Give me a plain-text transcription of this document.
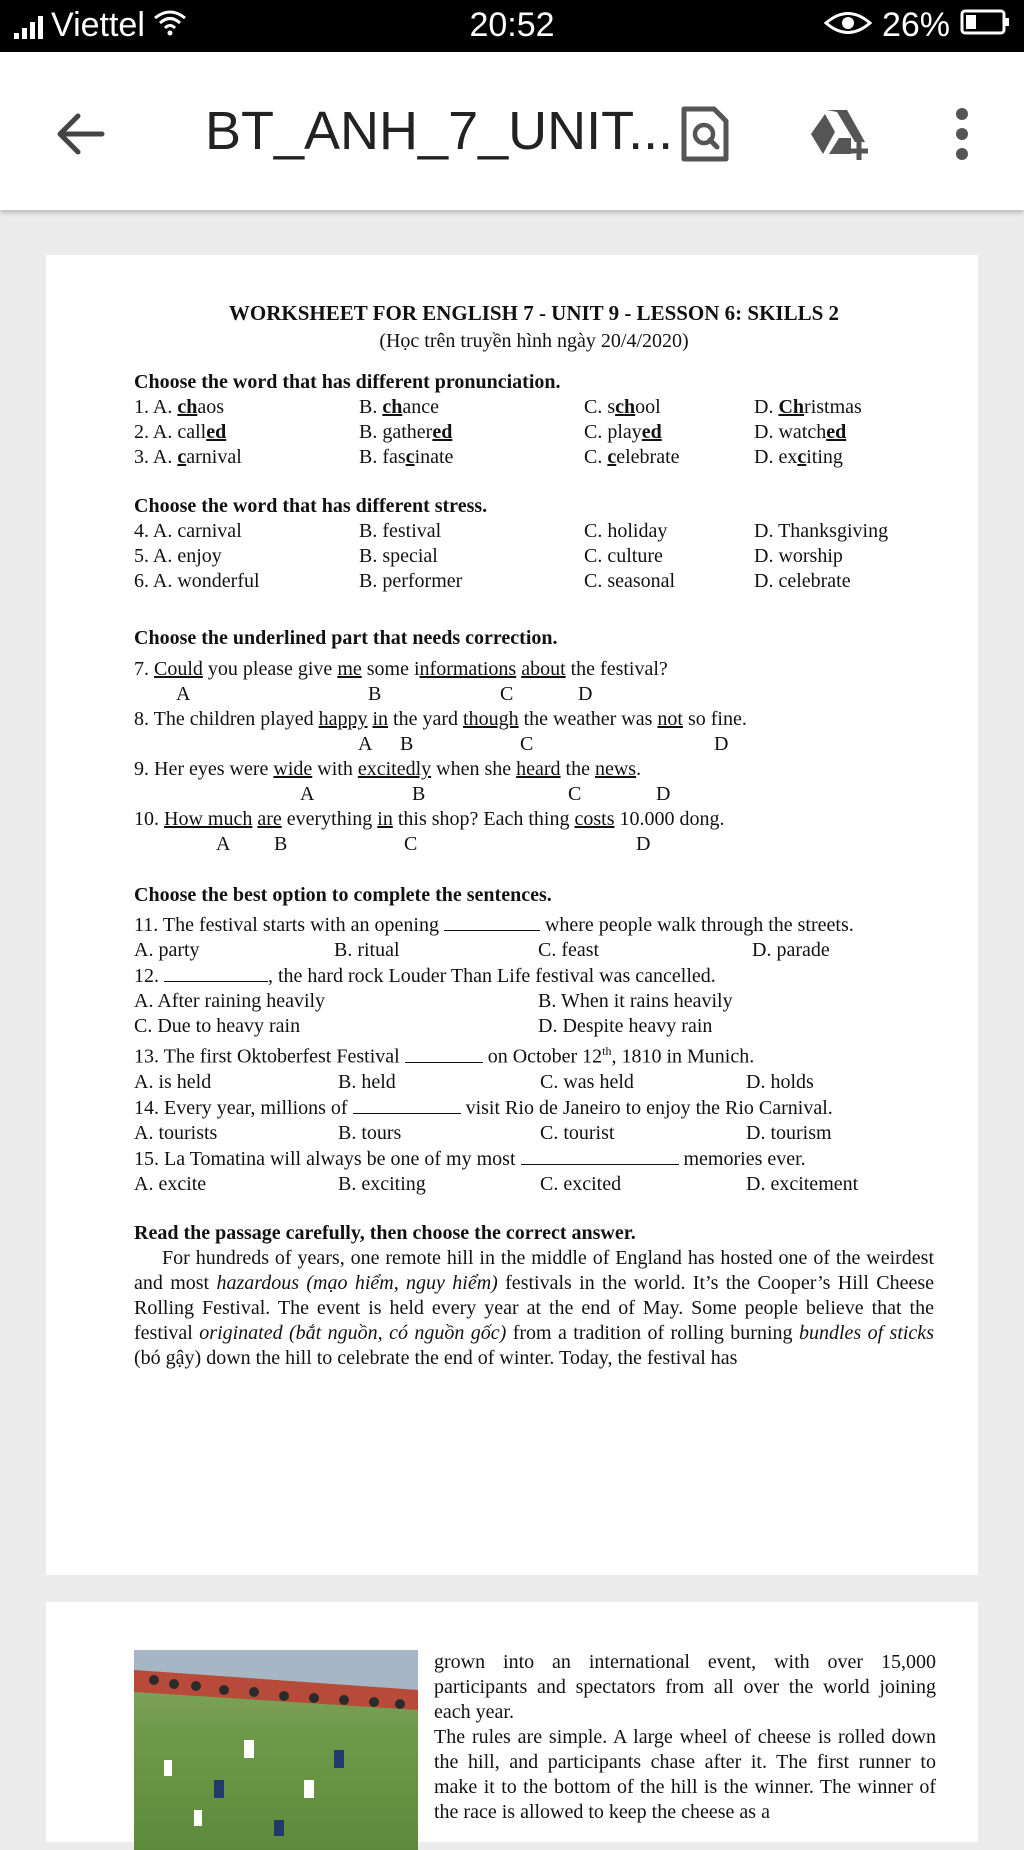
Viettel	20:52	26%
BT_ANH_7_UNIT...
WORKSHEET FOR ENGLISH 7 - UNIT 9 - LESSON 6: SKILLS 2
(Học trên truyền hình ngày 20/4/2020)
Choose the word that has different pronunciation.
1. A. chaos	B. chance	C. school	D. Christmas
2. A. called	B. gathered	C. played	D. watched
3. A. carnival	B. fascinate	C. celebrate	D. exciting
Choose the word that has different stress.
4. A. carnival	B. festival	C. holiday	D. Thanksgiving
5. A. enjoy	B. special	C. culture	D. worship
6. A. wonderful	B. performer	C. seasonal	D. celebrate
Choose the underlined part that needs correction.
7. Could you please give me some informations about the festival?
A	B	C	D
8. The children played happy in the yard though the weather was not so fine.
A B	C	D
9. Her eyes were wide with excitedly when she heard the news.
A	B	C	D
10. How much are everything in this shop? Each thing costs 10.000 dong.
A B	C	D
Choose the best option to complete the sentences.
11. The festival starts with an opening	where people walk through the streets.
A. party	B. ritual	C. feast	D. parade
12.	, the hard rock Louder Than Life festival was cancelled.
A. After raining heavily	B. When it rains heavily
C. Due to heavy rain	D. Despite heavy rain
13. The first Oktoberfest Festival	on October 12th, 1810 in Munich.
A. is held	B. held	C. was held	D. holds
14. Every year, millions of	visit Rio de Janeiro to enjoy the Rio Carnival.
A. tourists	B. tours	C. tourist	D. tourism
15. La Tomatina will always be one of my most	memories ever.
A. excite	B. exciting	C. excited	D. excitement
Read the passage carefully, then choose the correct answer.
For hundreds of years, one remote hill in the middle of England has hosted one of the weirdest and most hazardous (mạo hiểm, nguy hiểm) festivals in the world. It’s the Cooper’s Hill Cheese Rolling Festival. The event is held every year at the end of May. Some people believe that the festival originated (bắt nguồn, có nguồn gốc) from a tradition of rolling burning bundles of sticks (bó gậy) down the hill to celebrate the end of winter. Today, the festival has
grown into an international event, with over 15,000 participants and spectators from all over the world joining each year.
The rules are simple. A large wheel of cheese is rolled down the hill, and participants chase after it. The first runner to make it to the bottom of the hill is the winner. The winner of the race is allowed to keep the cheese as a
